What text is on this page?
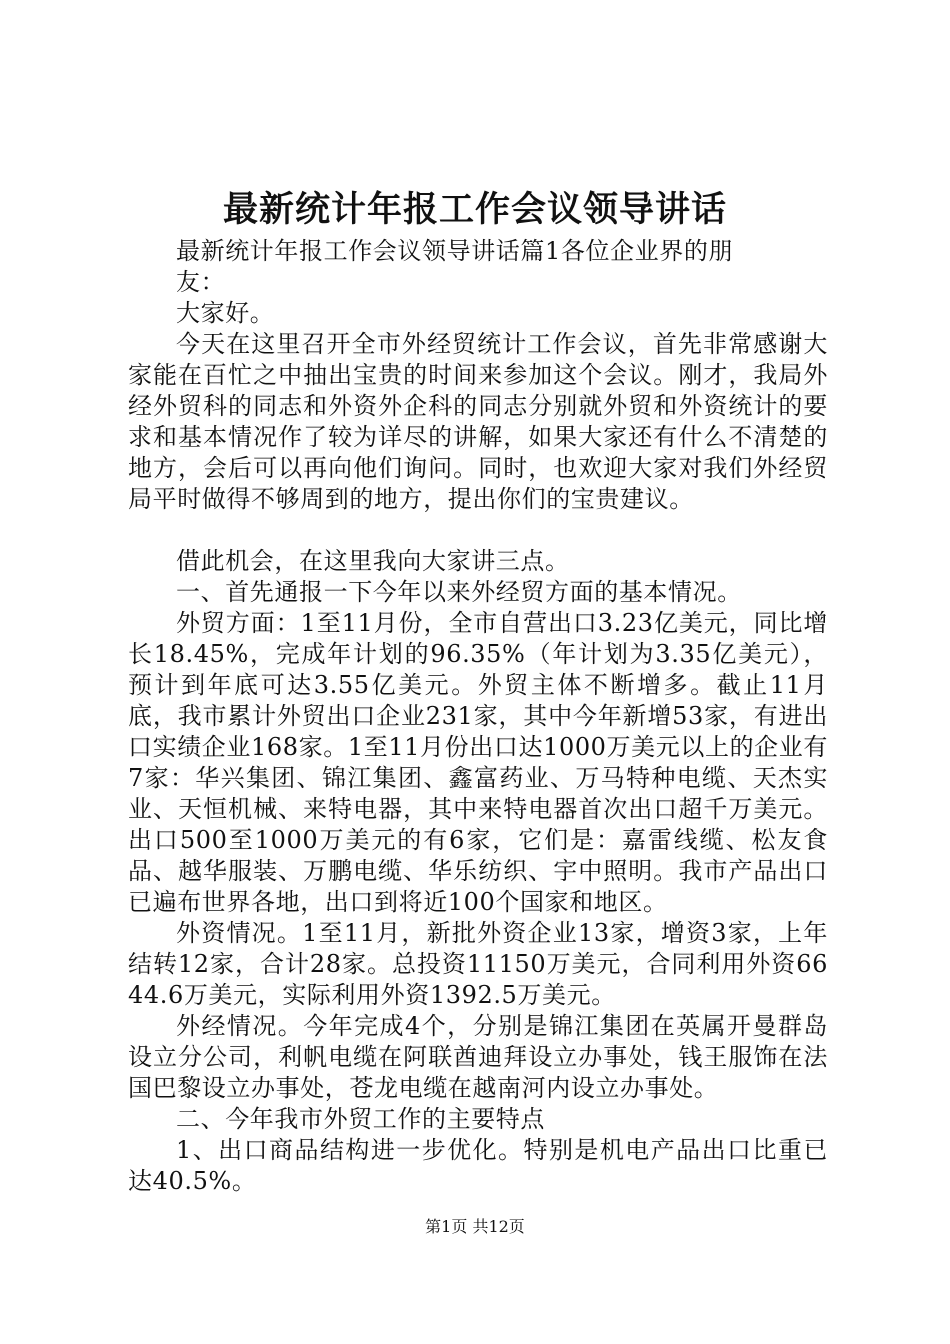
最新统计年报工作会议领导讲话

最新统计年报工作会议领导讲话篇1各位企业界的朋友：

大家好。

今天在这里召开全市外经贸统计工作会议，首先非常感谢大家能在百忙之中抽出宝贵的时间来参加这个会议。刚才，我局外经外贸科的同志和外资外企科的同志分别就外贸和外资统计的要求和基本情况作了较为详尽的讲解，如果大家还有什么不清楚的地方，会后可以再向他们询问。同时，也欢迎大家对我们外经贸局平时做得不够周到的地方，提出你们的宝贵建议。

借此机会，在这里我向大家讲三点。

一、首先通报一下今年以来外经贸方面的基本情况。

外贸方面：1至11月份，全市自营出口3.23亿美元，同比增长18.45%，完成年计划的96.35%（年计划为3.35亿美元），预计到年底可达3.55亿美元。外贸主体不断增多。截止11月底，我市累计外贸出口企业231家，其中今年新增53家，有进出口实绩企业168家。1至11月份出口达1000万美元以上的企业有7家：华兴集团、锦江集团、鑫富药业、万马特种电缆、天杰实业、天恒机械、来特电器，其中来特电器首次出口超千万美元。出口500至1000万美元的有6家，它们是：嘉雷线缆、松友食品、越华服装、万鹏电缆、华乐纺织、宇中照明。我市产品出口已遍布世界各地，出口到将近100个国家和地区。

外资情况。1至11月，新批外资企业13家，增资3家，上年结转12家，合计28家。总投资11150万美元，合同利用外资6644.6万美元，实际利用外资1392.5万美元。

外经情况。今年完成4个，分别是锦江集团在英属开曼群岛设立分公司，利帆电缆在阿联酋迪拜设立办事处，钱王服饰在法国巴黎设立办事处，苍龙电缆在越南河内设立办事处。

二、今年我市外贸工作的主要特点

1、出口商品结构进一步优化。特别是机电产品出口比重已达40.5%。

第1页 共12页
